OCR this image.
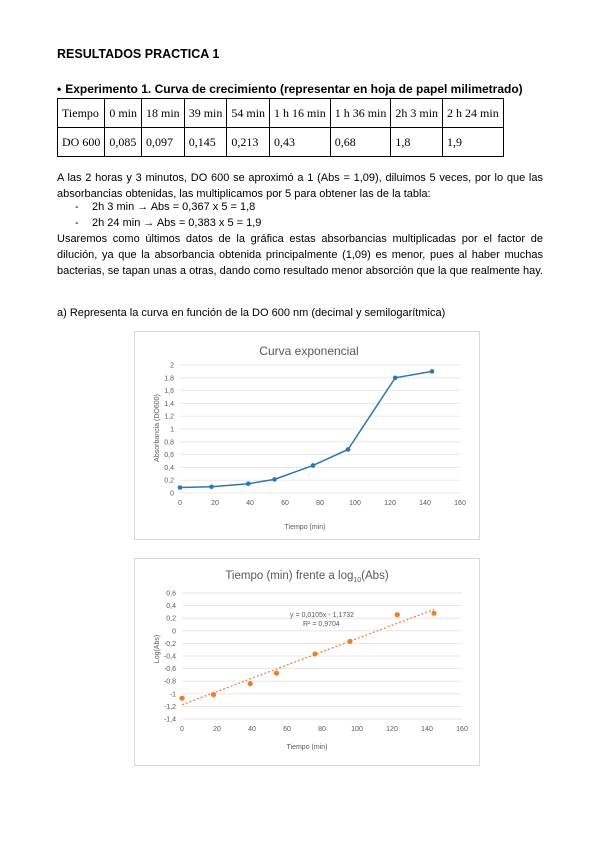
RESULTADOS PRACTICA 1
• Experimento 1. Curva de crecimiento (representar en hoja de papel milimetrado)
Tiempo	0 min	18 min	39 min	54 min	1 h 16 min	1 h 36 min	2h 3 min	2 h 24 min
DO 600	0,085	0,097	0,145	0,213	0,43	0,68	1,8	1,9
A las 2 horas y 3 minutos, DO 600 se aproximó a 1 (Abs = 1,09), diluimos 5 veces, por lo que las absorbancias obtenidas, las multiplicamos por 5 para obtener las de la tabla:
- 2h 3 min → Abs = 0,367 x 5 = 1,8
- 2h 24 min → Abs = 0,383 x 5 = 1,9
Usaremos como últimos datos de la gráfica estas absorbancias multiplicadas por el factor de dilución, ya que la absorbancia obtenida principalmente (1,09) es menor, pues al haber muchas bacterias, se tapan unas a otras, dando como resultado menor absorción que la que realmente hay.
a) Representa la curva en función de la DO 600 nm (decimal y semilogarítmica)
Curva exponencial
0
0,2
0,4
0,6
0,8
1
1,2
1,4
1,6
1,8
2
0	20	40	60	80	100	120	140	160
Tiempo (min)
Absorbancia (DO600)
Tiempo (min) frente a $\log_{10}(Abs)$
-1,4
-1,2
-1
-0,8
-0,6
-0,4
-0,2
0
0,2
0,4
0,6
0	20	40	60	80	100	120	140	160
y = 0,0105x - 1,1732
R² = 0,9704
Tiempo (min)
Log(Abs)
